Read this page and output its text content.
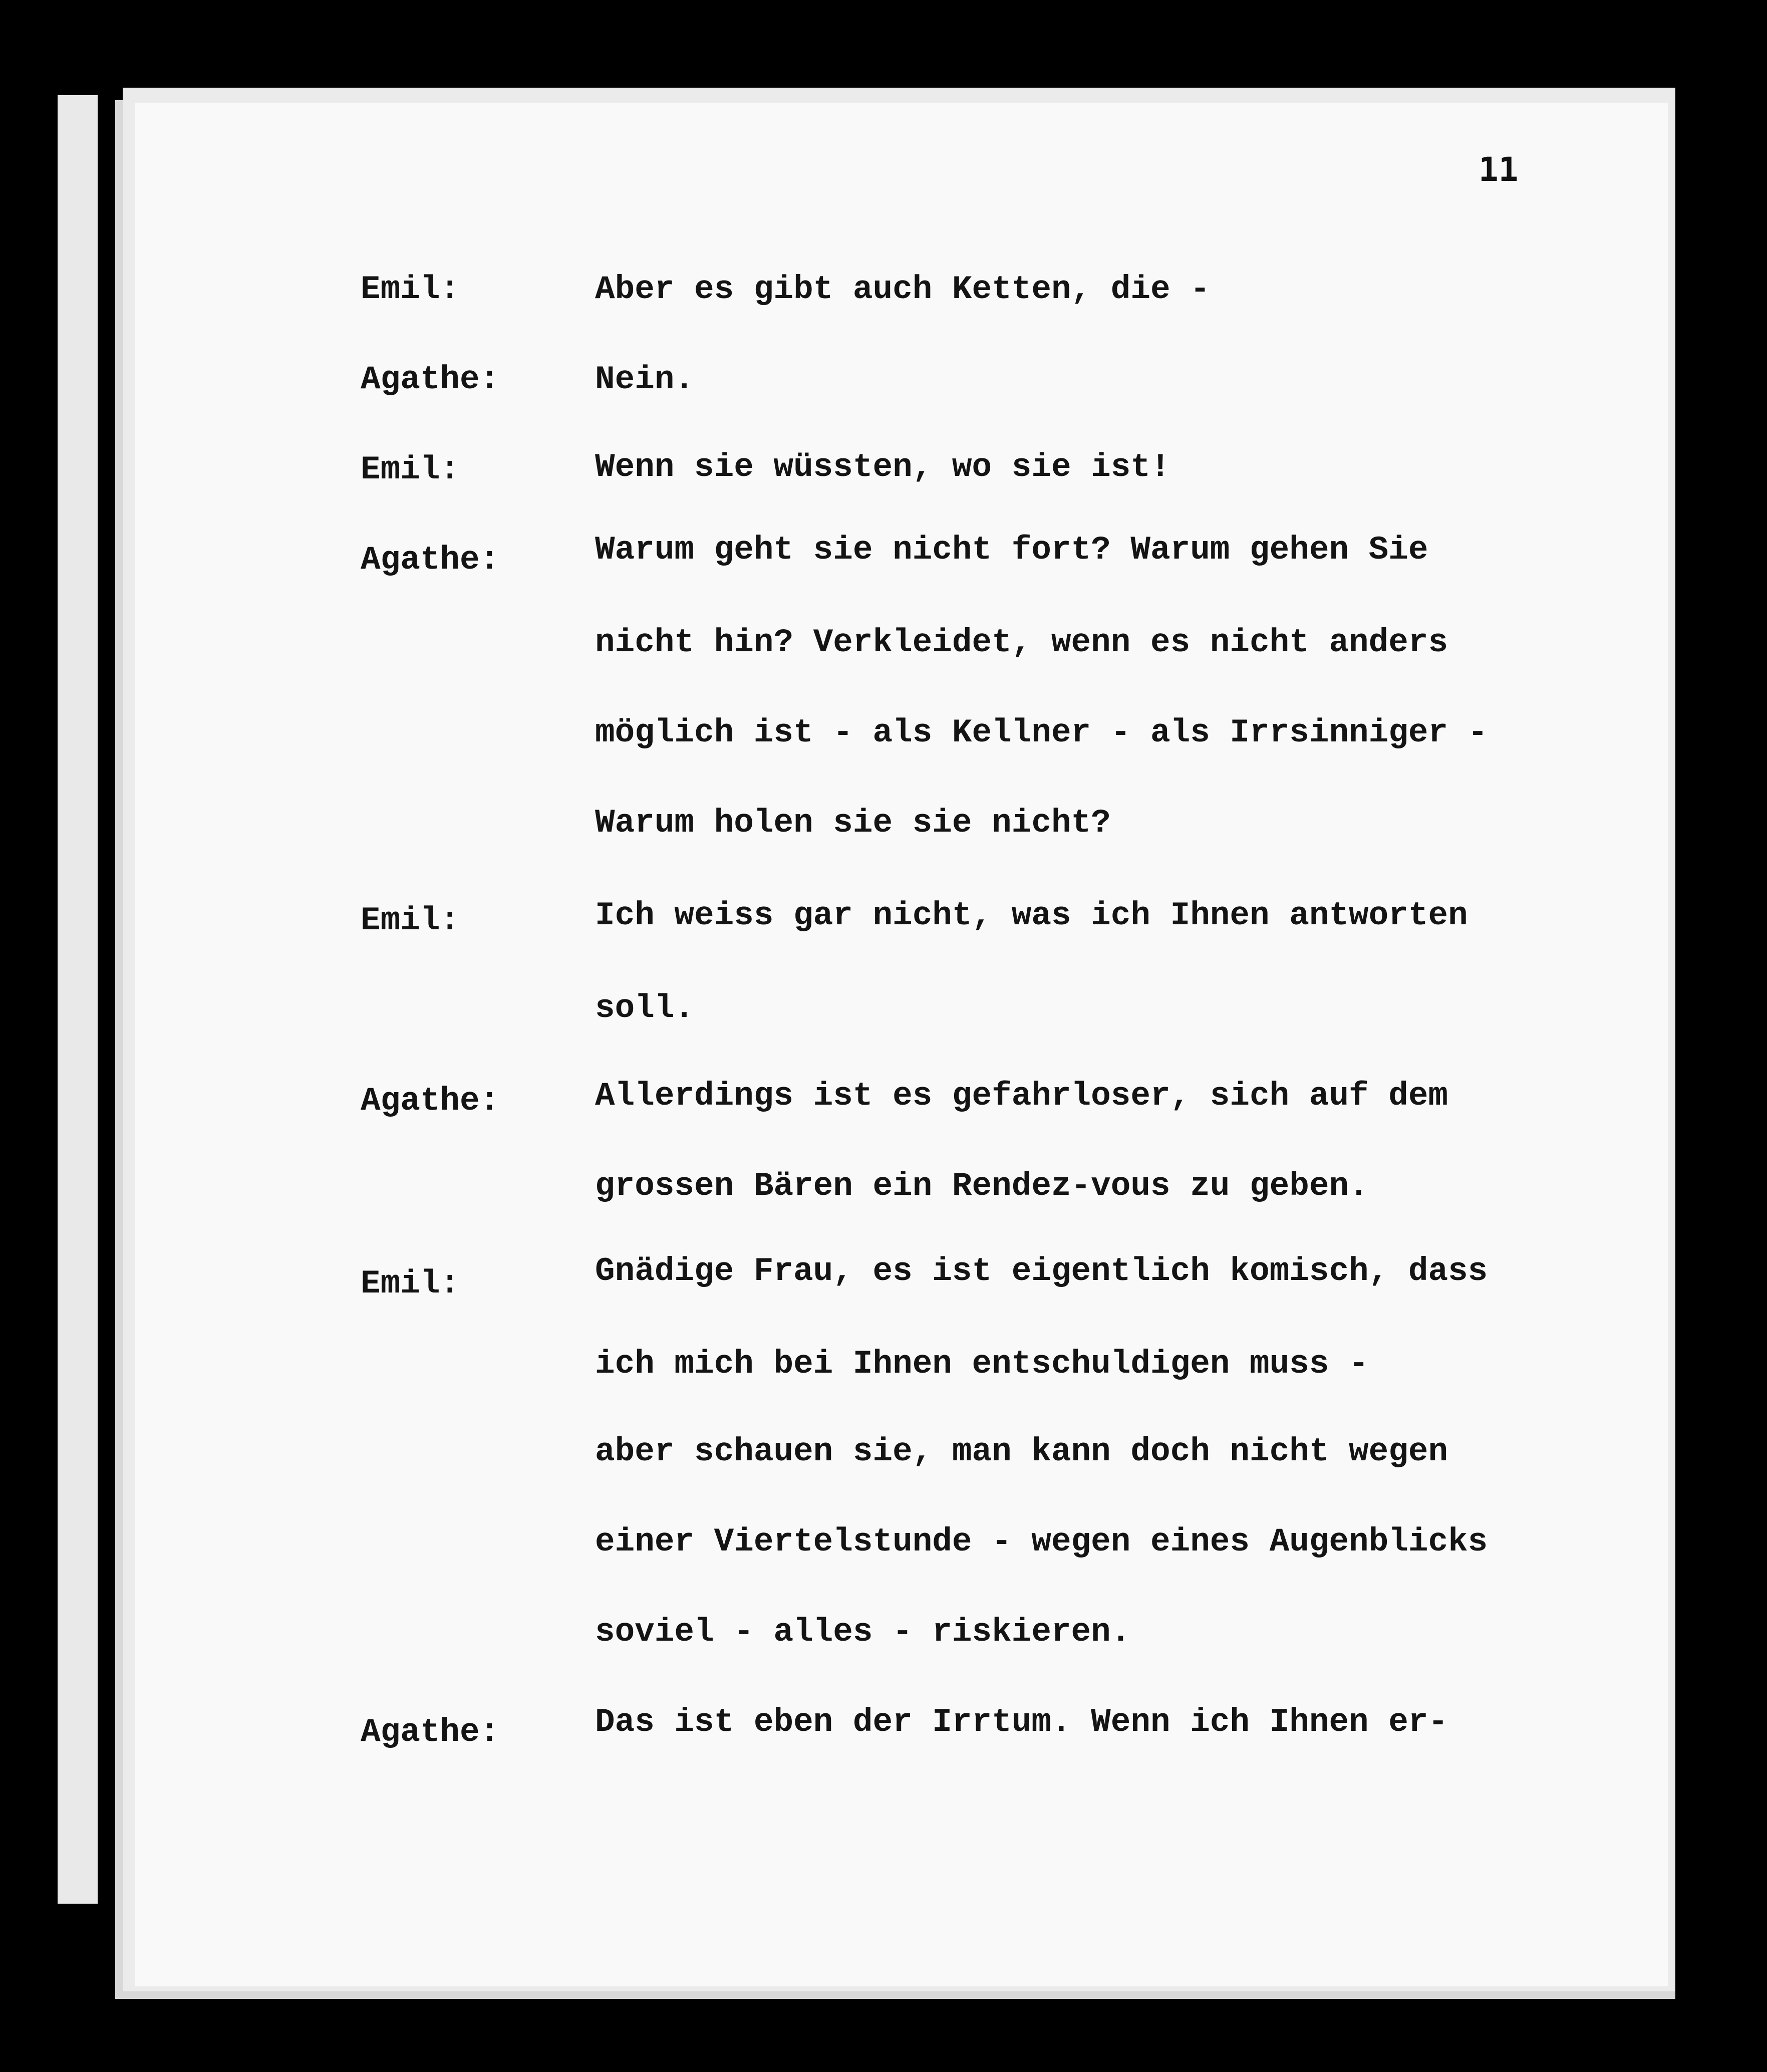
11
Emil:	Aber es gibt auch Ketten, die -
Agathe:	Nein.
Emil:	Wenn sie wüssten, wo sie ist!
Agathe:	Warum geht sie nicht fort? Warum gehen Sie
nicht hin? Verkleidet, wenn es nicht anders
möglich ist - als Kellner - als Irrsinniger -
Warum holen sie sie nicht?
Emil:	Ich weiss gar nicht, was ich Ihnen antworten
soll.
Agathe:	Allerdings ist es gefahrloser, sich auf dem
grossen Bären ein Rendez-vous zu geben.
Emil:	Gnädige Frau, es ist eigentlich komisch, dass
ich mich bei Ihnen entschuldigen muss -
aber schauen sie, man kann doch nicht wegen
einer Viertelstunde - wegen eines Augenblicks
soviel - alles - riskieren.
Agathe:	Das ist eben der Irrtum. Wenn ich Ihnen er-
